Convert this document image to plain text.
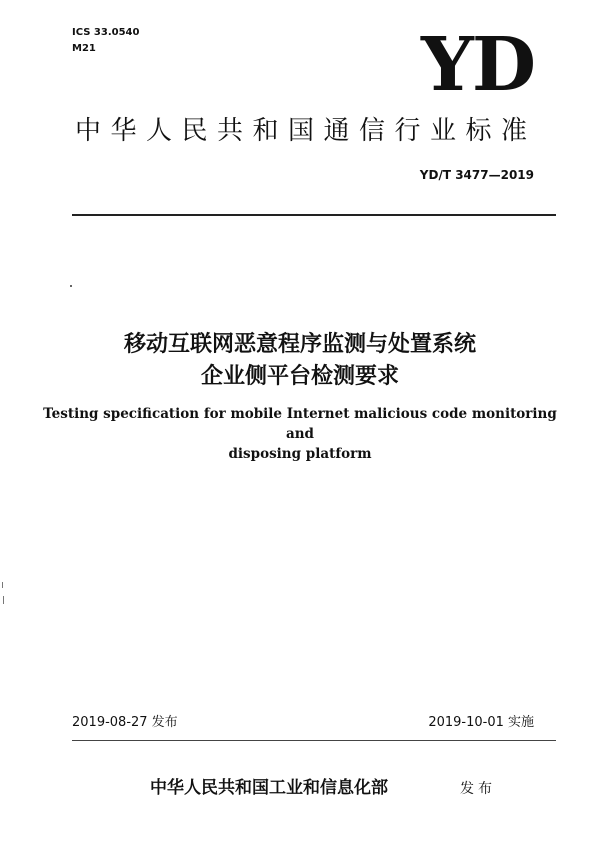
ICS 33.0540
M21	YD
中华人民共和国通信行业标准
YD/T 3477—2019
移动互联网恶意程序监测与处置系统
企业侧平台检测要求
Testing specification for mobile Internet malicious code monitoring and
disposing platform
2019-08-27 发布	2019-10-01 实施
中华人民共和国工业和信息化部	发布
